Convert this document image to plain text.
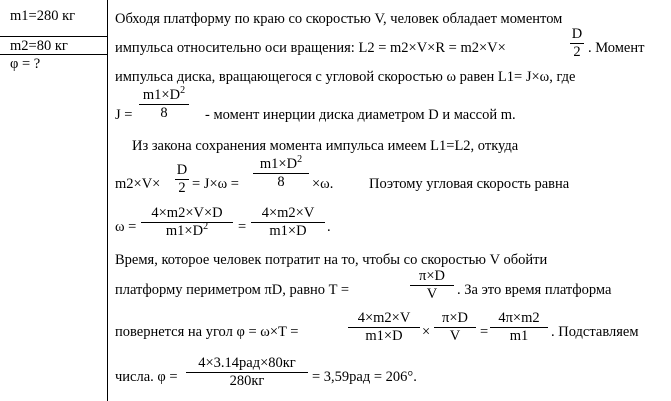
m1=280 кг
m2=80 кг
φ = ?
Обходя платформу по краю со скоростью V, человек обладает моментом
импульса относительно оси вращения: L2 = m2×V×R = m2×V×
D
2 . Момент
импульса диска, вращающегося с угловой скоростью ω равен L1= J×ω, где
J =
$m1\times D^2$
8	- момент инерции диска диаметром D и массой m.
Из закона сохранения момента импульса имеем L1=L2, откуда
m2×V×
D
2 = J×ω =
$m1\times D^2$
8	×ω. Поэтому угловая скорость равна
ω =
4×m2×V×D
$m1\times D^2$	=
4×m2×V
m1×D	.
Время, которое человек потратит на то, чтобы со скоростью V обойти
платформу периметром πD, равно T =
π×D
V	. За это время платформа
повернется на угол φ = ω×T =
4×m2×V
m1×D	×
π×D
V	=
4π×m2
m1	. Подставляем
числа. φ =
4×3.14рад×80кг
280кг	= 3,59рад = 206°.
